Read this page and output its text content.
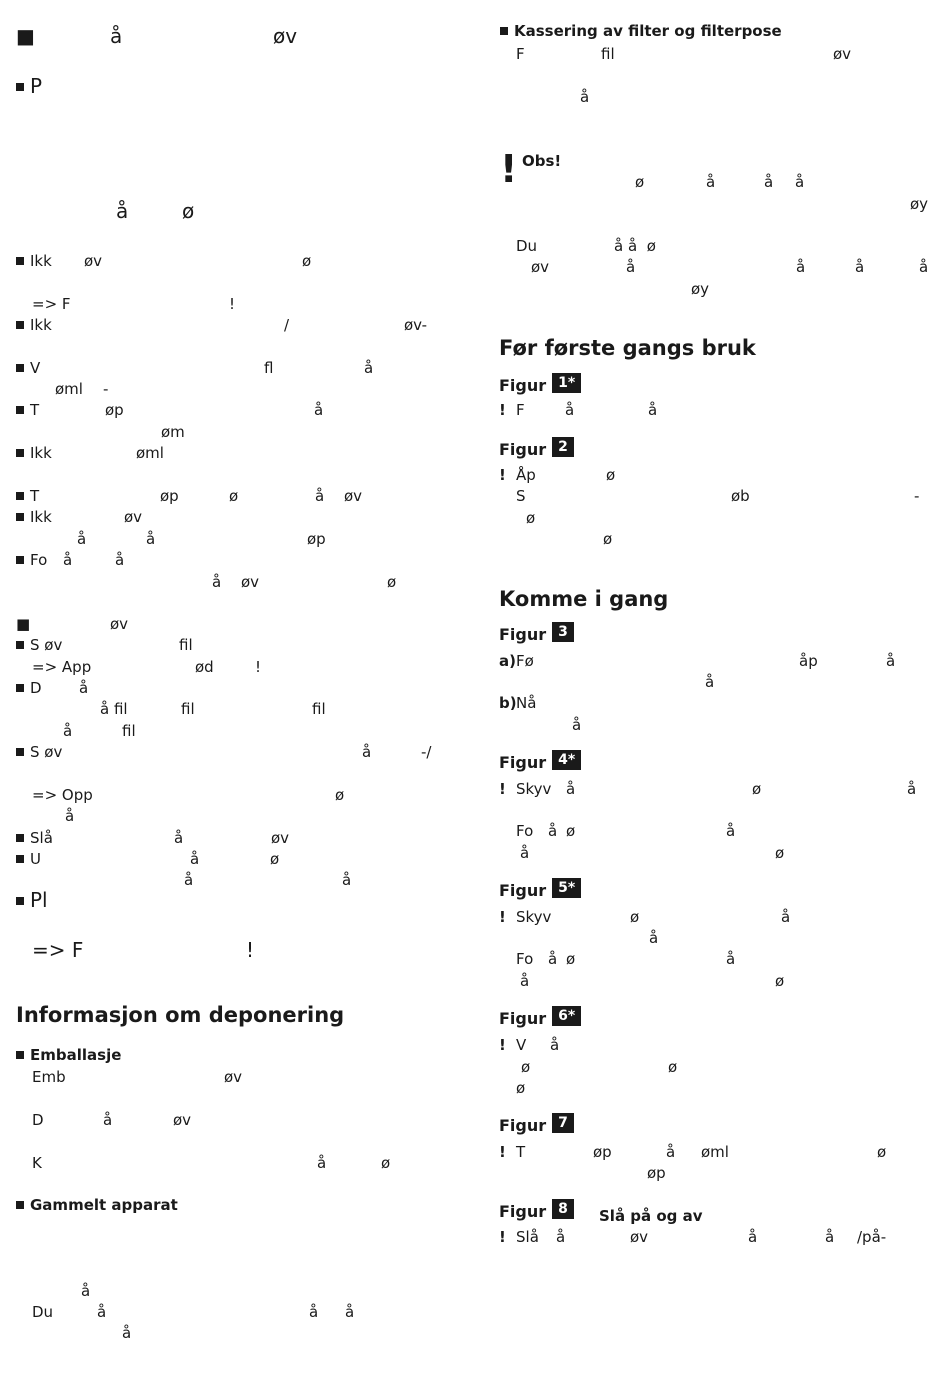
■	å	øv
P
å	ø
Ikk øv	ø
=> F	!
Ikk	/	øv-
V	fl	å
øml -
T	øp	å
øm
Ikk	øml
T	øp	ø	å øv
Ikk	øv
å	å	øp
Fo å	å
å øv	ø
■	øv
S øv	fil
=> App	ød	!
D å
å fil	fil	fil
å	fil
S øv	å	-/
=> Opp	ø
å
Slå	å	øv
U	å	ø
å	å
Pl
=> F	!
Emb	øv
D	å	øv
K	å	ø
å
Du	å	å å
å
Informasjon om deponering
Emballasje
Gammelt apparat
Kassering av filter og filterpose
! Obs!
Før første gangs bruk
Komme i gang
Figur 1*
Figur 2
Figur 3
Figur 4*
Figur 5*
Figur 6*
Figur 7
Figur 8	Slå på og av
F	fil	øv
å
ø	å	å å
øy
Du	å å  ø
øv	å	å	å	å
øy
! F	å	å
! Åp	ø
S	øb	-
ø
ø
a) Fø	åp	å
å
b) Nå
å
! Skyv å	ø	å
Fo å ø	å
å	ø
! Skyv	ø	å
å
Fo å ø	å
å	ø
! V å
ø	ø
ø
! T	øp	å øml	ø
øp
! Slå å	øv	å	å /på-
